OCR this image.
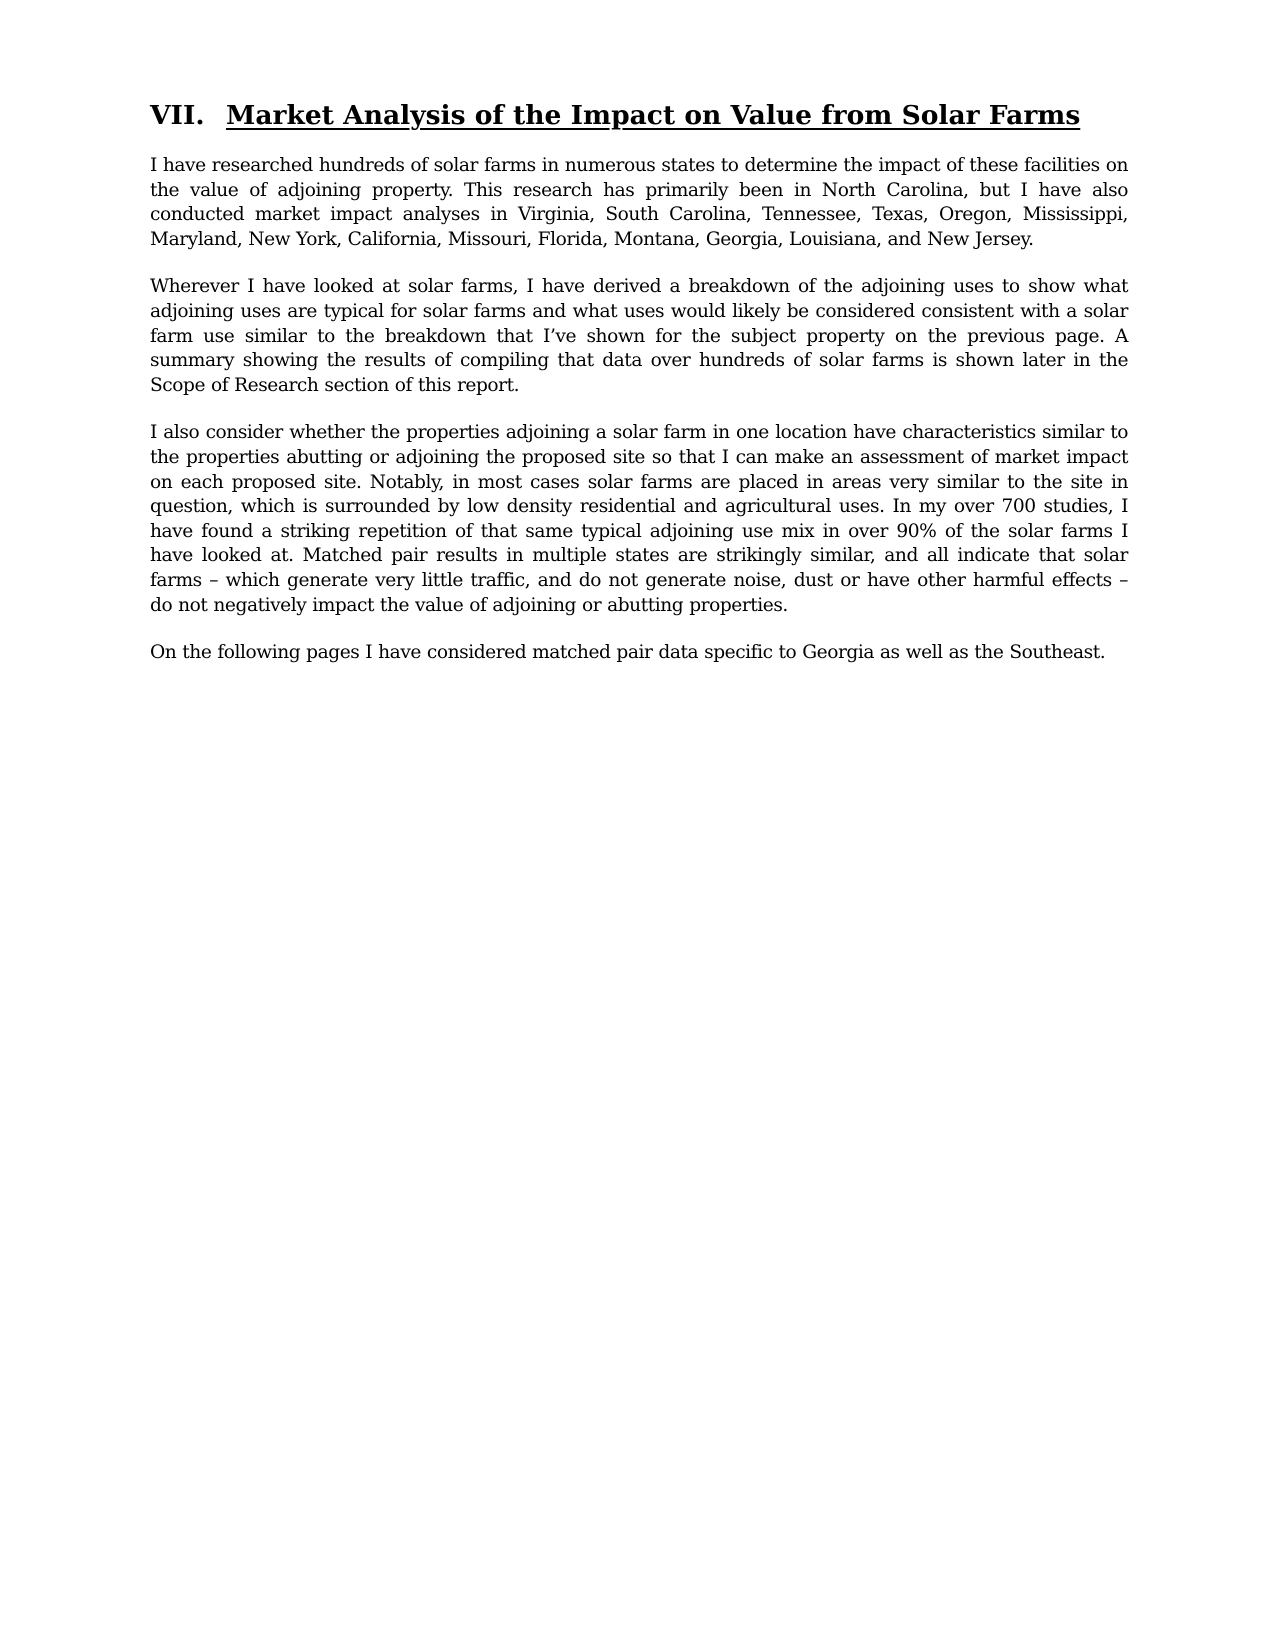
VII. Market Analysis of the Impact on Value from Solar Farms

I have researched hundreds of solar farms in numerous states to determine the impact of these facilities on the value of adjoining property. This research has primarily been in North Carolina, but I have also conducted market impact analyses in Virginia, South Carolina, Tennessee, Texas, Oregon, Mississippi, Maryland, New York, California, Missouri, Florida, Montana, Georgia, Louisiana, and New Jersey.

Wherever I have looked at solar farms, I have derived a breakdown of the adjoining uses to show what adjoining uses are typical for solar farms and what uses would likely be considered consistent with a solar farm use similar to the breakdown that I’ve shown for the subject property on the previous page. A summary showing the results of compiling that data over hundreds of solar farms is shown later in the Scope of Research section of this report.

I also consider whether the properties adjoining a solar farm in one location have characteristics similar to the properties abutting or adjoining the proposed site so that I can make an assessment of market impact on each proposed site. Notably, in most cases solar farms are placed in areas very similar to the site in question, which is surrounded by low density residential and agricultural uses. In my over 700 studies, I have found a striking repetition of that same typical adjoining use mix in over 90% of the solar farms I have looked at. Matched pair results in multiple states are strikingly similar, and all indicate that solar farms – which generate very little traffic, and do not generate noise, dust or have other harmful effects – do not negatively impact the value of adjoining or abutting properties.

On the following pages I have considered matched pair data specific to Georgia as well as the Southeast.
